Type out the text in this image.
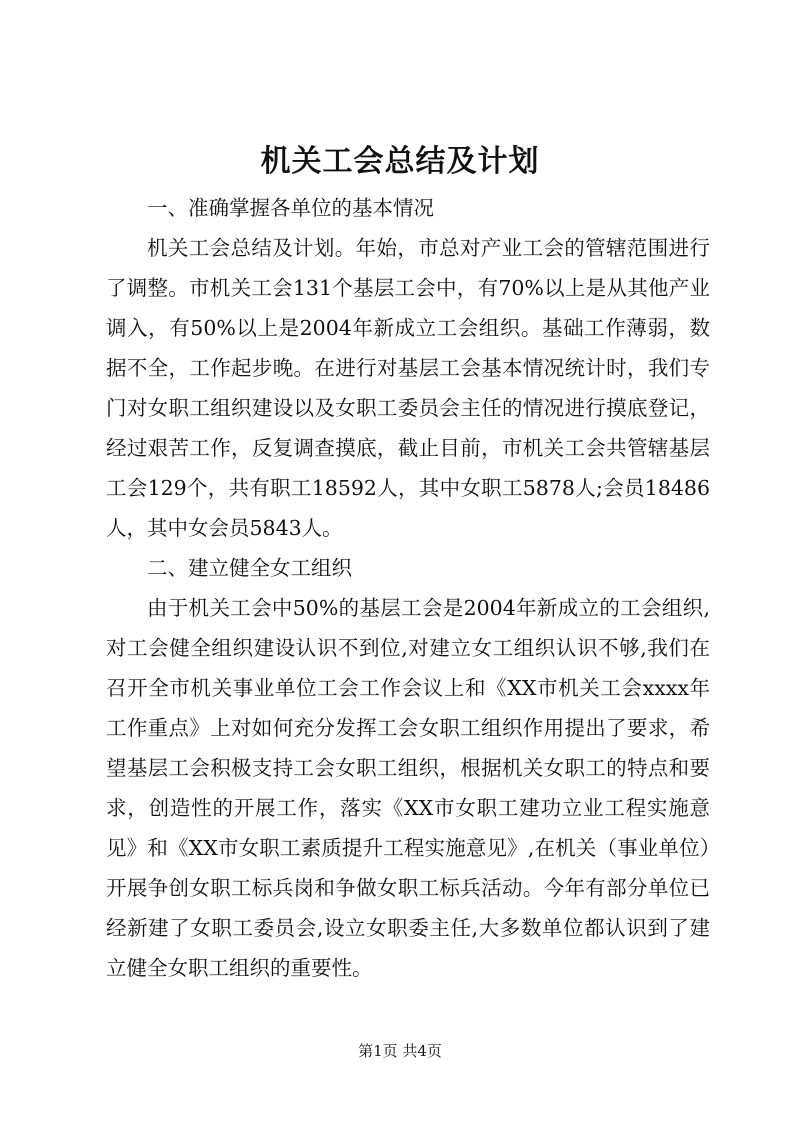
机关工会总结及计划

一、准确掌握各单位的基本情况

机关工会总结及计划。年始，市总对产业工会的管辖范围进行了调整。市机关工会131个基层工会中，有70%以上是从其他产业调入，有50%以上是2004年新成立工会组织。基础工作薄弱，数据不全，工作起步晚。在进行对基层工会基本情况统计时，我们专门对女职工组织建设以及女职工委员会主任的情况进行摸底登记，经过艰苦工作，反复调查摸底，截止目前，市机关工会共管辖基层工会129个，共有职工18592人，其中女职工5878人;会员18486人，其中女会员5843人。

二、建立健全女工组织

由于机关工会中50%的基层工会是2004年新成立的工会组织,对工会健全组织建设认识不到位,对建立女工组织认识不够,我们在召开全市机关事业单位工会工作会议上和《XX市机关工会xxxx年工作重点》上对如何充分发挥工会女职工组织作用提出了要求，希望基层工会积极支持工会女职工组织，根据机关女职工的特点和要求，创造性的开展工作，落实《XX市女职工建功立业工程实施意见》和《XX市女职工素质提升工程实施意见》,在机关（事业单位）开展争创女职工标兵岗和争做女职工标兵活动。今年有部分单位已经新建了女职工委员会,设立女职委主任,大多数单位都认识到了建立健全女职工组织的重要性。

第1页 共4页
